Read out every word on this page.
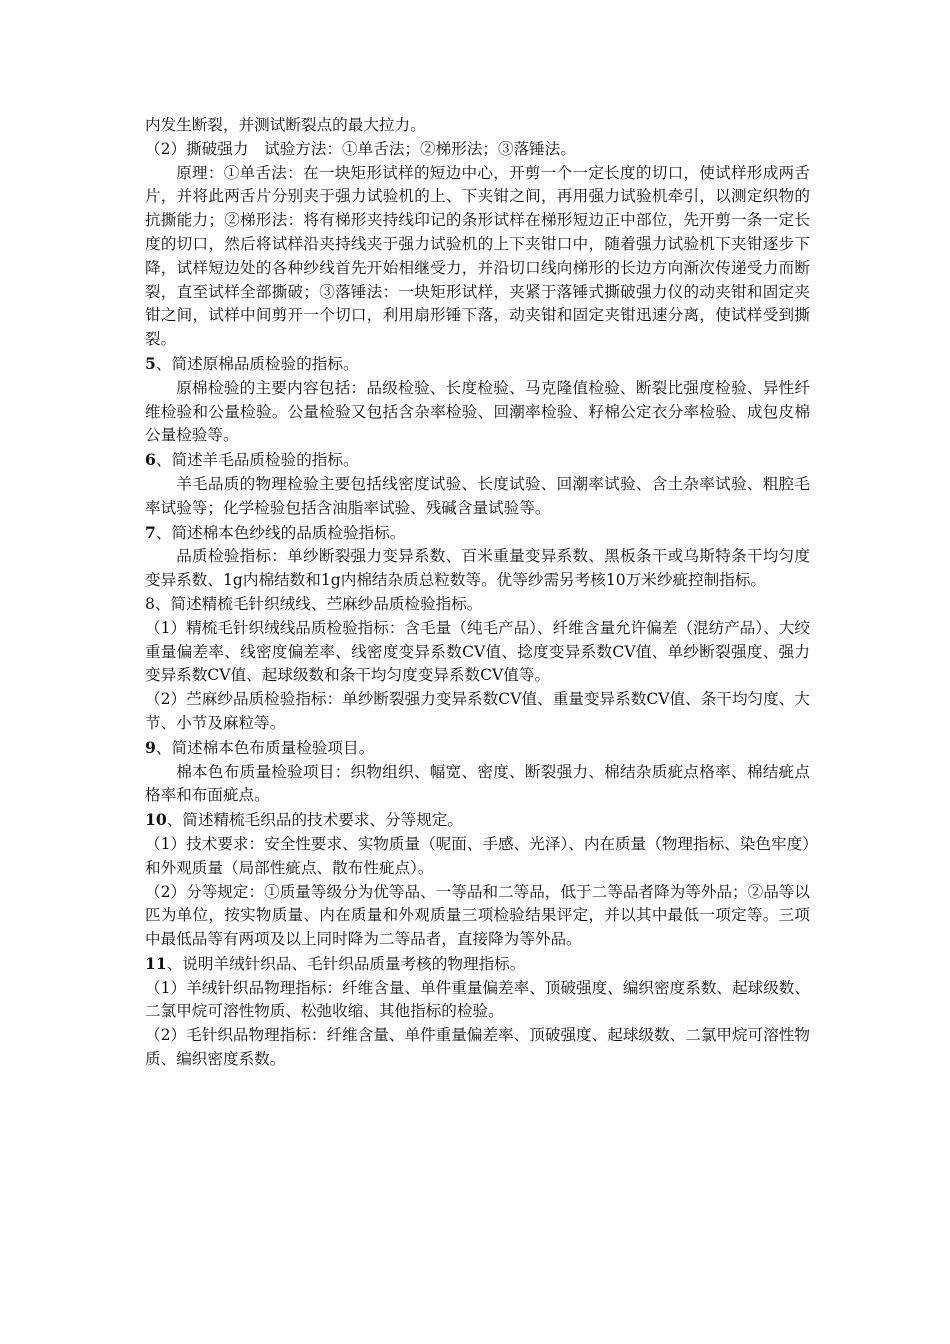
内发生断裂，并测试断裂点的最大拉力。

（2）撕破强力　试验方法：①单舌法；②梯形法；③落锤法。

原理：①单舌法：在一块矩形试样的短边中心，开剪一个一定长度的切口，使试样形成两舌片，并将此两舌片分别夹于强力试验机的上、下夹钳之间，再用强力试验机牵引，以测定织物的抗撕能力；②梯形法：将有梯形夹持线印记的条形试样在梯形短边正中部位，先开剪一条一定长度的切口，然后将试样沿夹持线夹于强力试验机的上下夹钳口中，随着强力试验机下夹钳逐步下降，试样短边处的各种纱线首先开始相继受力，并沿切口线向梯形的长边方向渐次传递受力而断裂，直至试样全部撕破；③落锤法：一块矩形试样，夹紧于落锤式撕破强力仪的动夹钳和固定夹钳之间，试样中间剪开一个切口，利用扇形锤下落，动夹钳和固定夹钳迅速分离，使试样受到撕裂。

5、简述原棉品质检验的指标。

原棉检验的主要内容包括：品级检验、长度检验、马克隆值检验、断裂比强度检验、异性纤维检验和公量检验。公量检验又包括含杂率检验、回潮率检验、籽棉公定衣分率检验、成包皮棉公量检验等。

6、简述羊毛品质检验的指标。

羊毛品质的物理检验主要包括线密度试验、长度试验、回潮率试验、含土杂率试验、粗腔毛率试验等；化学检验包括含油脂率试验、残碱含量试验等。

7、简述棉本色纱线的品质检验指标。

品质检验指标：单纱断裂强力变异系数、百米重量变异系数、黑板条干或乌斯特条干均匀度变异系数、1g内棉结数和1g内棉结杂质总粒数等。优等纱需另考核10万米纱疵控制指标。

8、简述精梳毛针织绒线、苎麻纱品质检验指标。

（1）精梳毛针织绒线品质检验指标：含毛量（纯毛产品）、纤维含量允许偏差（混纺产品）、大绞重量偏差率、线密度偏差率、线密度变异系数CV值、捻度变异系数CV值、单纱断裂强度、强力变异系数CV值、起球级数和条干均匀度变异系数CV值等。

（2）苎麻纱品质检验指标：单纱断裂强力变异系数CV值、重量变异系数CV值、条干均匀度、大节、小节及麻粒等。

9、简述棉本色布质量检验项目。

棉本色布质量检验项目：织物组织、幅宽、密度、断裂强力、棉结杂质疵点格率、棉结疵点格率和布面疵点。

10、简述精梳毛织品的技术要求、分等规定。

（1）技术要求：安全性要求、实物质量（呢面、手感、光泽）、内在质量（物理指标、染色牢度）和外观质量（局部性疵点、散布性疵点）。

（2）分等规定：①质量等级分为优等品、一等品和二等品，低于二等品者降为等外品；②品等以匹为单位，按实物质量、内在质量和外观质量三项检验结果评定，并以其中最低一项定等。三项中最低品等有两项及以上同时降为二等品者，直接降为等外品。

11、说明羊绒针织品、毛针织品质量考核的物理指标。

（1）羊绒针织品物理指标：纤维含量、单件重量偏差率、顶破强度、编织密度系数、起球级数、二氯甲烷可溶性物质、松弛收缩、其他指标的检验。

（2）毛针织品物理指标：纤维含量、单件重量偏差率、顶破强度、起球级数、二氯甲烷可溶性物质、编织密度系数。
